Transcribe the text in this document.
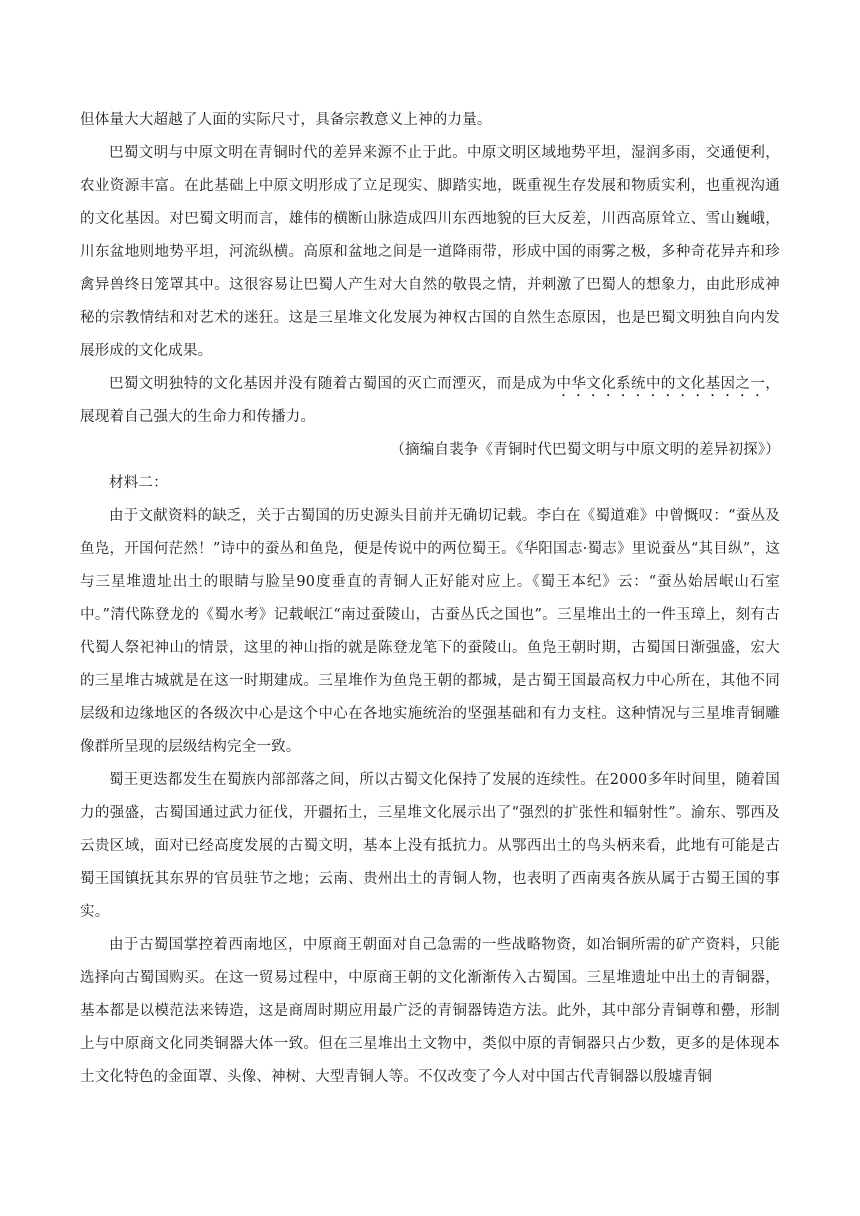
但体量大大超越了人面的实际尺寸，具备宗教意义上神的力量。

巴蜀文明与中原文明在青铜时代的差异来源不止于此。中原文明区域地势平坦，湿润多雨，交通便利，农业资源丰富。在此基础上中原文明形成了立足现实、脚踏实地，既重视生存发展和物质实利，也重视沟通的文化基因。对巴蜀文明而言，雄伟的横断山脉造成四川东西地貌的巨大反差，川西高原耸立、雪山巍峨，川东盆地则地势平坦，河流纵横。高原和盆地之间是一道降雨带，形成中国的雨雾之极，多种奇花异卉和珍禽异兽终日笼罩其中。这很容易让巴蜀人产生对大自然的敬畏之情，并刺激了巴蜀人的想象力，由此形成神秘的宗教情结和对艺术的迷狂。这是三星堆文化发展为神权古国的自然生态原因，也是巴蜀文明独自向内发展形成的文化成果。

巴蜀文明独特的文化基因并没有随着古蜀国的灭亡而湮灭，而是成为中华文化系统中的文化基因之一，展现着自己强大的生命力和传播力。

（摘编自裴争《青铜时代巴蜀文明与中原文明的差异初探》）

材料二：

由于文献资料的缺乏，关于古蜀国的历史源头目前并无确切记载。李白在《蜀道难》中曾慨叹：“蚕丛及鱼凫，开国何茫然！”诗中的蚕丛和鱼凫，便是传说中的两位蜀王。《华阳国志·蜀志》里说蚕丛“其目纵”，这与三星堆遗址出土的眼睛与脸呈90度垂直的青铜人正好能对应上。《蜀王本纪》云：“蚕丛始居岷山石室中。”清代陈登龙的《蜀水考》记载岷江“南过蚕陵山，古蚕丛氏之国也”。三星堆出土的一件玉璋上，刻有古代蜀人祭祀神山的情景，这里的神山指的就是陈登龙笔下的蚕陵山。鱼凫王朝时期，古蜀国日渐强盛，宏大的三星堆古城就是在这一时期建成。三星堆作为鱼凫王朝的都城，是古蜀王国最高权力中心所在，其他不同层级和边缘地区的各级次中心是这个中心在各地实施统治的坚强基础和有力支柱。这种情况与三星堆青铜雕像群所呈现的层级结构完全一致。

蜀王更迭都发生在蜀族内部部落之间，所以古蜀文化保持了发展的连续性。在2000多年时间里，随着国力的强盛，古蜀国通过武力征伐，开疆拓土，三星堆文化展示出了“强烈的扩张性和辐射性”。渝东、鄂西及云贵区域，面对已经高度发展的古蜀文明，基本上没有抵抗力。从鄂西出土的鸟头柄来看，此地有可能是古蜀王国镇抚其东界的官员驻节之地；云南、贵州出土的青铜人物，也表明了西南夷各族从属于古蜀王国的事实。

由于古蜀国掌控着西南地区，中原商王朝面对自己急需的一些战略物资，如冶铜所需的矿产资料，只能选择向古蜀国购买。在这一贸易过程中，中原商王朝的文化渐渐传入古蜀国。三星堆遗址中出土的青铜器，基本都是以模范法来铸造，这是商周时期应用最广泛的青铜器铸造方法。此外，其中部分青铜尊和罍，形制上与中原商文化同类铜器大体一致。但在三星堆出土文物中，类似中原的青铜器只占少数，更多的是体现本土文化特色的金面罩、头像、神树、大型青铜人等。不仅改变了今人对中国古代青铜器以殷墟青铜
